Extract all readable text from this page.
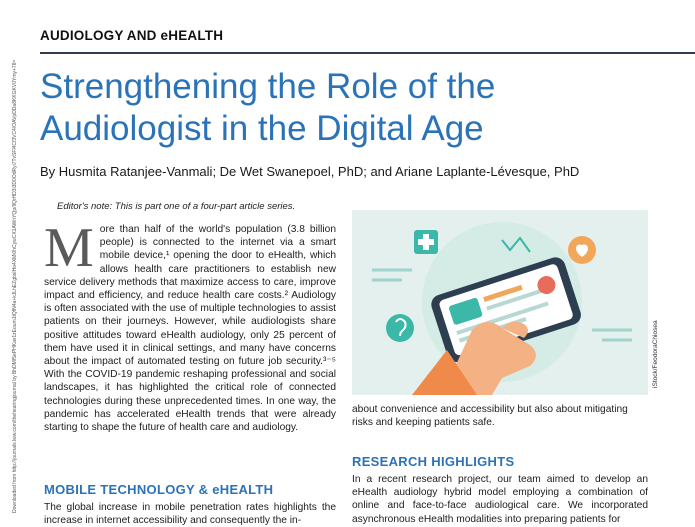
AUDIOLOGY AND eHEALTH
Strengthening the Role of the
Audiologist in the Digital Age
By Husmita Ratanjee-Vanmali; De Wet Swanepoel, PhD; and Ariane Laplante-Lévesque, PhD
Editor's note: This is part one of a four-part article series.
Downloaded from http://journals.lww.com/thehearingjournal by BhDMf5ePHKav1zEoum1tQfN4a+kJLhEZgbsIHo4XMi0hCywCX1AWnYQp/IlQrHD3i3D0OdRyi7TvSFl4Cf3VC4/OAVpDDa8KKGKV0Ymy+78= More than half of the world's population (3.8 billion people) is connected to the internet via a smart mobile device,¹ opening the door to eHealth, which allows health care practitioners to establish new service delivery methods that maximize access to care, improve impact and efficiency, and reduce health care costs.² Audiology is often associated with the use of multiple technologies to assist patients on their journeys. However, while audiologists share positive attitudes toward eHealth audiology, only 25 percent of them have used it in clinical settings, and many have concerns about the impact of automated testing on future job security.³⁻⁵ With the COVID-19 pandemic reshaping professional and social landscapes, it has highlighted the critical role of connected technologies during these unprecedented times. In one way, the pandemic has accelerated eHealth trends that were already starting to shape the future of health care and audiology.
MOBILE TECHNOLOGY & eHEALTH
The global increase in mobile penetration rates highlights the increase in internet accessibility and consequently the in-
iStock/FeodoraChiosea
about convenience and accessibility but also about mitigating risks and keeping patients safe.
RESEARCH HIGHLIGHTS
In a recent research project, our team aimed to develop an eHealth audiology hybrid model employing a combination of online and face-to-face audiological care. We incorporated asynchronous eHealth modalities into preparing patients for
